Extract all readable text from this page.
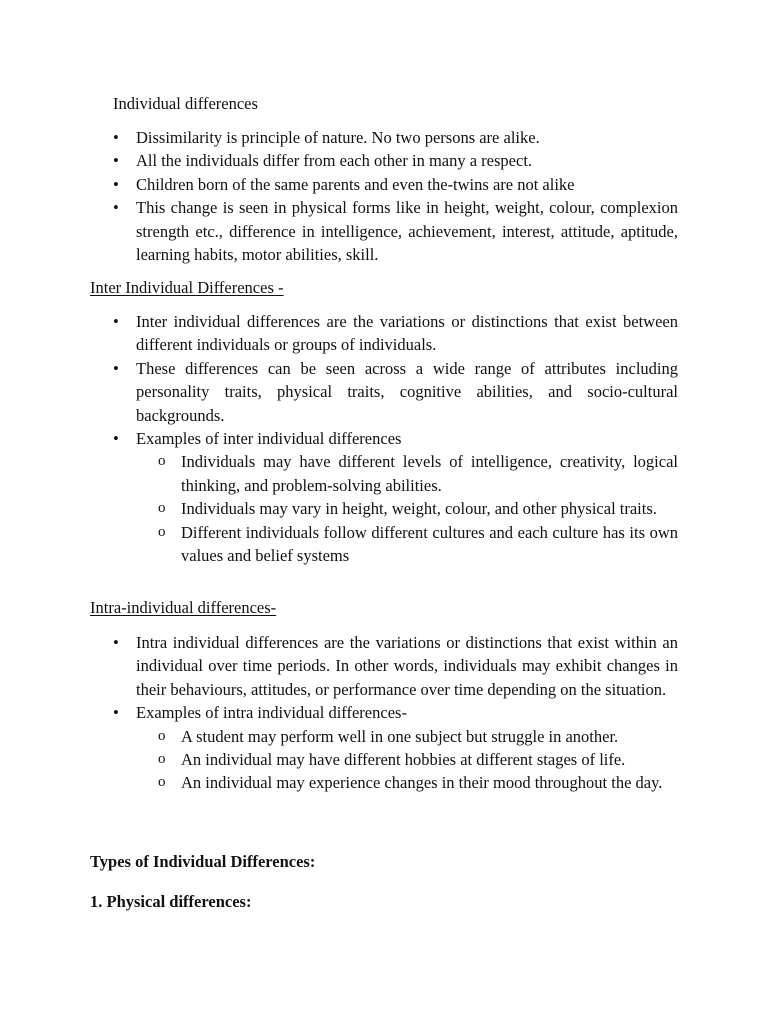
Individual differences

• Dissimilarity is principle of nature. No two persons are alike.
• All the individuals differ from each other in many a respect.
• Children born of the same parents and even the-twins are not alike
• This change is seen in physical forms like in height, weight, colour, complexion strength etc., difference in intelligence, achievement, interest, attitude, aptitude, learning habits, motor abilities, skill.

Inter Individual Differences -

• Inter individual differences are the variations or distinctions that exist between different individuals or groups of individuals.
• These differences can be seen across a wide range of attributes including personality traits, physical traits, cognitive abilities, and socio-cultural backgrounds.
• Examples of inter individual differences
o Individuals may have different levels of intelligence, creativity, logical thinking, and problem-solving abilities.
o Individuals may vary in height, weight, colour, and other physical traits.
o Different individuals follow different cultures and each culture has its own values and belief systems

Intra-individual differences-

• Intra individual differences are the variations or distinctions that exist within an individual over time periods. In other words, individuals may exhibit changes in their behaviours, attitudes, or performance over time depending on the situation.
• Examples of intra individual differences-
o A student may perform well in one subject but struggle in another.
o An individual may have different hobbies at different stages of life.
o An individual may experience changes in their mood throughout the day.

Types of Individual Differences:

1. Physical differences:
